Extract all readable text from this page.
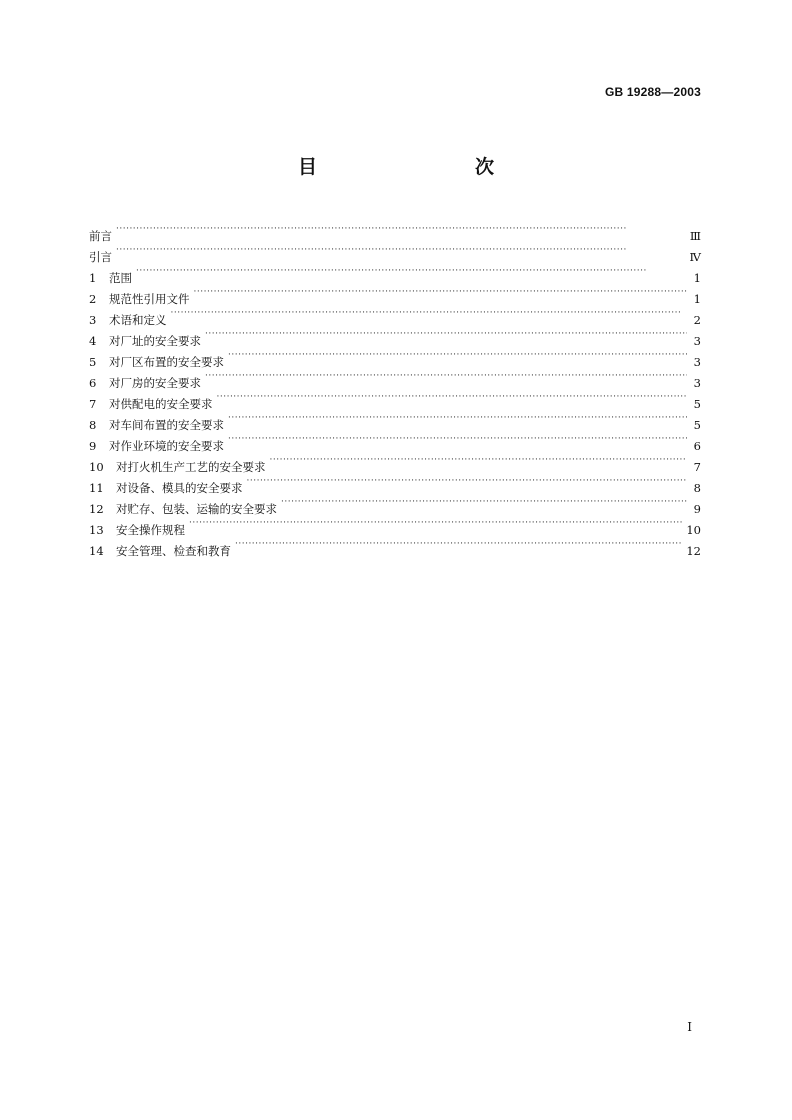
GB 19288—2003
目　　次
前言 ·····	Ⅲ
引言 ·····	Ⅳ
1	范围 ·····	1
2	规范性引用文件 ·····	1
3	术语和定义 ·····	2
4	对厂址的安全要求 ·····	3
5	对厂区布置的安全要求 ·····	3
6	对厂房的安全要求 ·····	3
7	对供配电的安全要求 ·····	5
8	对车间布置的安全要求 ·····	5
9	对作业环境的安全要求 ·····	6
10	对打火机生产工艺的安全要求 ·····	7
11	对设备、模具的安全要求 ·····	8
12	对贮存、包装、运输的安全要求 ·····	9
13	安全操作规程 ·····	10
14	安全管理、检查和教育 ·····	12
Ⅰ
